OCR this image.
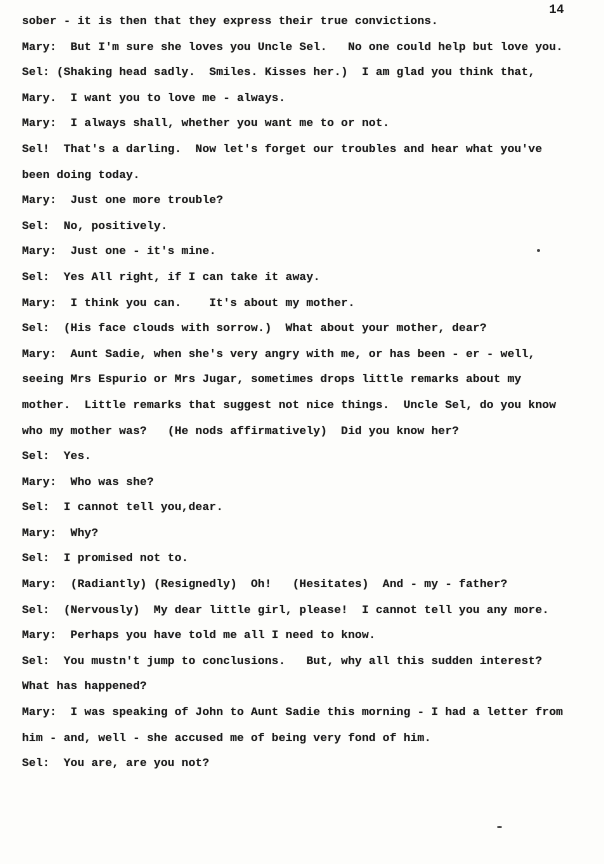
14
sober - it is then that they express their true convictions.
Mary:  But I'm sure she loves you Uncle Sel.   No one could help but love you.
Sel: (Shaking head sadly.  Smiles. Kisses her.)  I am glad you think that,
Mary.  I want you to love me - always.
Mary:  I always shall, whether you want me to or not.
Sel!  That's a darling.  Now let's forget our troubles and hear what you've
been doing today.
Mary:  Just one more trouble?
Sel:  No, positively.
Mary:  Just one - it's mine.
Sel:  Yes All right, if I can take it away.
Mary:  I think you can.    It's about my mother.
Sel:  (His face clouds with sorrow.)  What about your mother, dear?
Mary:  Aunt Sadie, when she's very angry with me, or has been - er - well,
seeing Mrs Espurio or Mrs Jugar, sometimes drops little remarks about my
mother.  Little remarks that suggest not nice things.  Uncle Sel, do you know
who my mother was?   (He nods affirmatively)  Did you know her?
Sel:  Yes.
Mary:  Who was she?
Sel:  I cannot tell you,dear.
Mary:  Why?
Sel:  I promised not to.
Mary:  (Radiantly) (Resignedly)  Oh!   (Hesitates)  And - my - father?
Sel:  (Nervously)  My dear little girl, please!  I cannot tell you any more.
Mary:  Perhaps you have told me all I need to know.
Sel:  You mustn't jump to conclusions.   But, why all this sudden interest?
What has happened?
Mary:  I was speaking of John to Aunt Sadie this morning - I had a letter from
him - and, well - she accused me of being very fond of him.
Sel:  You are, are you not?
